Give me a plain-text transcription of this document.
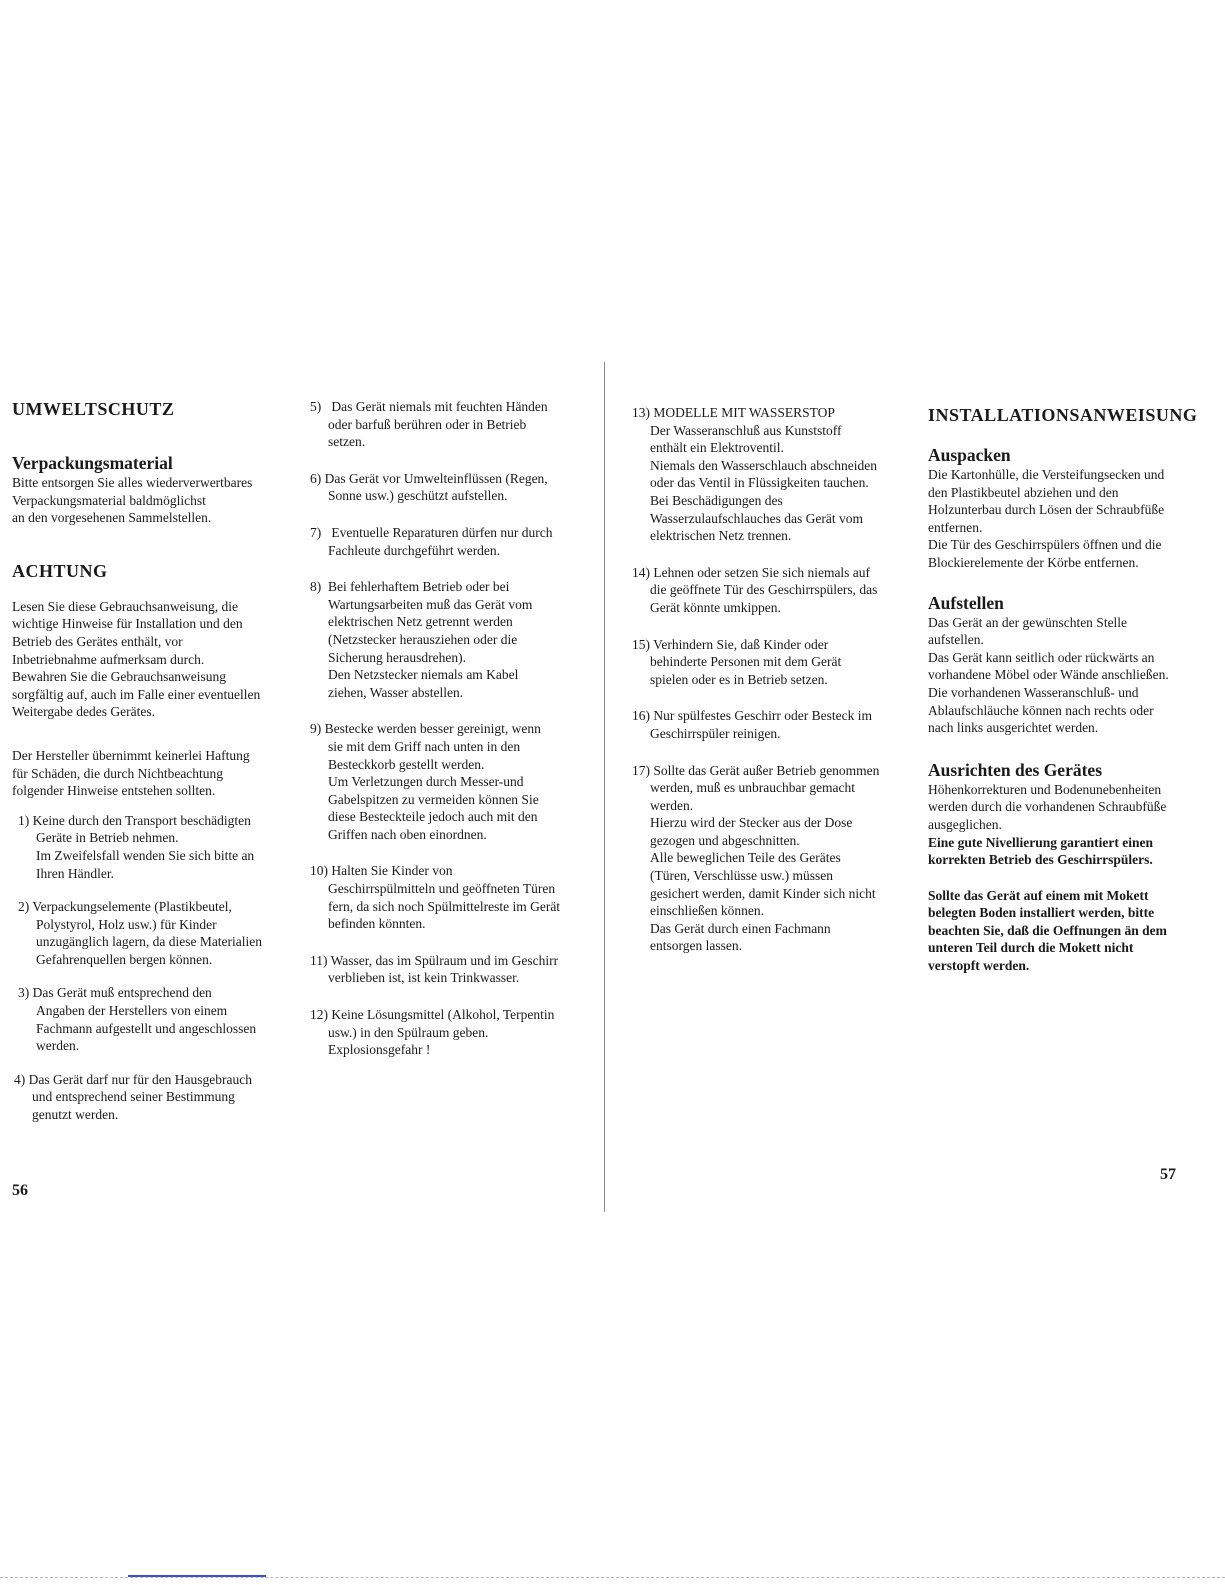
UMWELTSCHUTZ
Verpackungsmaterial

Bitte entsorgen Sie alles wiederverwertbares

Verpackungsmaterial baldmöglichst

an den vorgesehenen Sammelstellen.

ACHTUNG

Lesen Sie diese Gebrauchsanweisung, die

wichtige Hinweise für Installation und den

Betrieb des Gerätes enthält, vor

Inbetriebnahme aufmerksam durch.

Bewahren Sie die Gebrauchsanweisung

sorgfältig auf, auch im Falle einer eventuellen

Weitergabe dedes Gerätes.

Der Hersteller übernimmt keinerlei Haftung

für Schäden, die durch Nichtbeachtung

folgender Hinweise entstehen sollten.

1) Keine durch den Transport beschädigten
Geräte in Betrieb nehmen.
Im Zweifelsfall wenden Sie sich bitte an
Ihren Händler.
2) Verpackungselemente (Plastikbeutel,
Polystyrol, Holz usw.) für Kinder
unzugänglich lagern, da diese Materialien
Gefahrenquellen bergen können.
3) Das Gerät muß entsprechend den
Angaben der Herstellers von einem
Fachmann aufgestellt und angeschlossen
werden.
4) Das Gerät darf nur für den Hausgebrauch
und entsprechend seiner Bestimmung
genutzt werden.
5) Das Gerät niemals mit feuchten Händen
oder barfuß berühren oder in Betrieb
setzen.
6) Das Gerät vor Umwelteinflüssen (Regen,
Sonne usw.) geschützt aufstellen.
7) Eventuelle Reparaturen dürfen nur durch
Fachleute durchgeführt werden.
8) Bei fehlerhaftem Betrieb oder bei
Wartungsarbeiten muß das Gerät vom
elektrischen Netz getrennt werden
(Netzstecker herausziehen oder die
Sicherung herausdrehen).
Den Netzstecker niemals am Kabel
ziehen, Wasser abstellen.
9) Bestecke werden besser gereinigt, wenn
sie mit dem Griff nach unten in den
Besteckkorb gestellt werden.
Um Verletzungen durch Messer-und
Gabelspitzen zu vermeiden können Sie
diese Besteckteile jedoch auch mit den
Griffen nach oben einordnen.
10) Halten Sie Kinder von
Geschirrspülmitteln und geöffneten Türen
fern, da sich noch Spülmittelreste im Gerät
befinden könnten.
11) Wasser, das im Spülraum und im Geschirr
verblieben ist, ist kein Trinkwasser.
12) Keine Lösungsmittel (Alkohol, Terpentin
usw.) in den Spülraum geben.
Explosionsgefahr !
56
13) MODELLE MIT WASSERSTOP
Der Wasseranschluß aus Kunststoff
enthält ein Elektroventil.
Niemals den Wasserschlauch abschneiden
oder das Ventil in Flüssigkeiten tauchen.
Bei Beschädigungen des
Wasserzulaufschlauches das Gerät vom
elektrischen Netz trennen.
14) Lehnen oder setzen Sie sich niemals auf
die geöffnete Tür des Geschirrspülers, das
Gerät könnte umkippen.
15) Verhindern Sie, daß Kinder oder
behinderte Personen mit dem Gerät
spielen oder es in Betrieb setzen.
16) Nur spülfestes Geschirr oder Besteck im
Geschirrspüler reinigen.
17) Sollte das Gerät außer Betrieb genommen
werden, muß es unbrauchbar gemacht
werden.
Hierzu wird der Stecker aus der Dose
gezogen und abgeschnitten.
Alle beweglichen Teile des Gerätes
(Türen, Verschlüsse usw.) müssen
gesichert werden, damit Kinder sich nicht
einschließen können.
Das Gerät durch einen Fachmann
entsorgen lassen.
INSTALLATIONSANWEISUNG
Auspacken

Die Kartonhülle, die Versteifungsecken und

den Plastikbeutel abziehen und den

Holzunterbau durch Lösen der Schraubfüße

entfernen.

Die Tür des Geschirrspülers öffnen und die

Blockierelemente der Körbe entfernen.

Aufstellen

Das Gerät an der gewünschten Stelle

aufstellen.

Das Gerät kann seitlich oder rückwärts an

vorhandene Möbel oder Wände anschließen.

Die vorhandenen Wasseranschluß- und

Ablaufschläuche können nach rechts oder

nach links ausgerichtet werden.

Ausrichten des Gerätes

Höhenkorrekturen und Bodenunebenheiten

werden durch die vorhandenen Schraubfüße

ausgeglichen.

Eine gute Nivellierung garantiert einen

korrekten Betrieb des Geschirrspülers.

Sollte das Gerät auf einem mit Mokett

belegten Boden installiert werden, bitte

beachten Sie, daß die Oeffnungen än dem

unteren Teil durch die Mokett nicht

verstopft werden.

57
